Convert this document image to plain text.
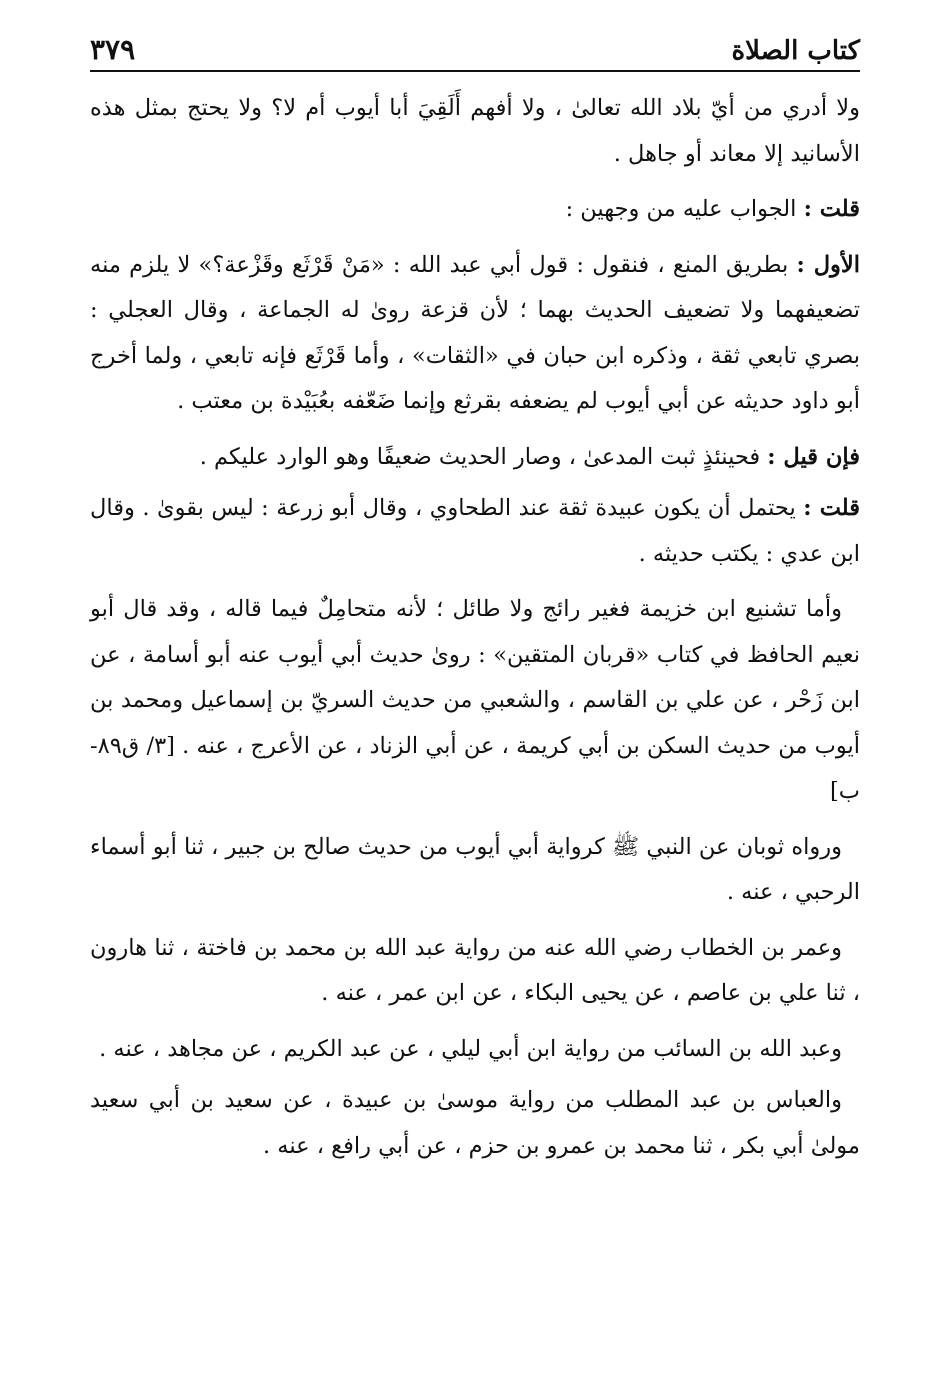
كتاب الصلاة
٣٧٩

ولا أدري من أيّ بلاد الله تعالىٰ ، ولا أفهم أَلَقِيَ أبا أيوب أم لا؟ ولا يحتج بمثل هذه الأسانيد إلا معاند أو جاهل .

قلت : الجواب عليه من وجهين :

الأول : بطريق المنع ، فنقول : قول أبي عبد الله : «مَنْ قَرْثَع وقَزْعة؟» لا يلزم منه تضعيفهما ولا تضعيف الحديث بهما ؛ لأن قزعة روىٰ له الجماعة ، وقال العجلي : بصري تابعي ثقة ، وذكره ابن حبان في «الثقات» ، وأما قَرْثَع فإنه تابعي ، ولما أخرج أبو داود حديثه عن أبي أيوب لم يضعفه بقرثع وإنما ضَعّفه بعُبَيْدة بن معتب .

فإن قيل : فحينئذٍ ثبت المدعىٰ ، وصار الحديث ضعيفًا وهو الوارد عليكم .

قلت : يحتمل أن يكون عبيدة ثقة عند الطحاوي ، وقال أبو زرعة : ليس بقوىٰ . وقال ابن عدي : يكتب حديثه .

وأما تشنيع ابن خزيمة فغير رائج ولا طائل ؛ لأنه متحامِلٌ فيما قاله ، وقد قال أبو نعيم الحافظ في كتاب «قربان المتقين» : روىٰ حديث أبي أيوب عنه أبو أسامة ، عن ابن زَحْر ، عن علي بن القاسم ، والشعبي من حديث السريّ بن إسماعيل ومحمد بن أيوب من حديث السكن بن أبي كريمة ، عن أبي الزناد ، عن الأعرج ، عنه . [٣/ ق٨٩-ب]

ورواه ثوبان عن النبي ﷺ كرواية أبي أيوب من حديث صالح بن جبير ، ثنا أبو أسماء الرحبي ، عنه .

وعمر بن الخطاب رضي الله عنه من رواية عبد الله بن محمد بن فاختة ، ثنا هارون ، ثنا علي بن عاصم ، عن يحيى البكاء ، عن ابن عمر ، عنه .

وعبد الله بن السائب من رواية ابن أبي ليلي ، عن عبد الكريم ، عن مجاهد ، عنه .

والعباس بن عبد المطلب من رواية موسىٰ بن عبيدة ، عن سعيد بن أبي سعيد مولىٰ أبي بكر ، ثنا محمد بن عمرو بن حزم ، عن أبي رافع ، عنه .
